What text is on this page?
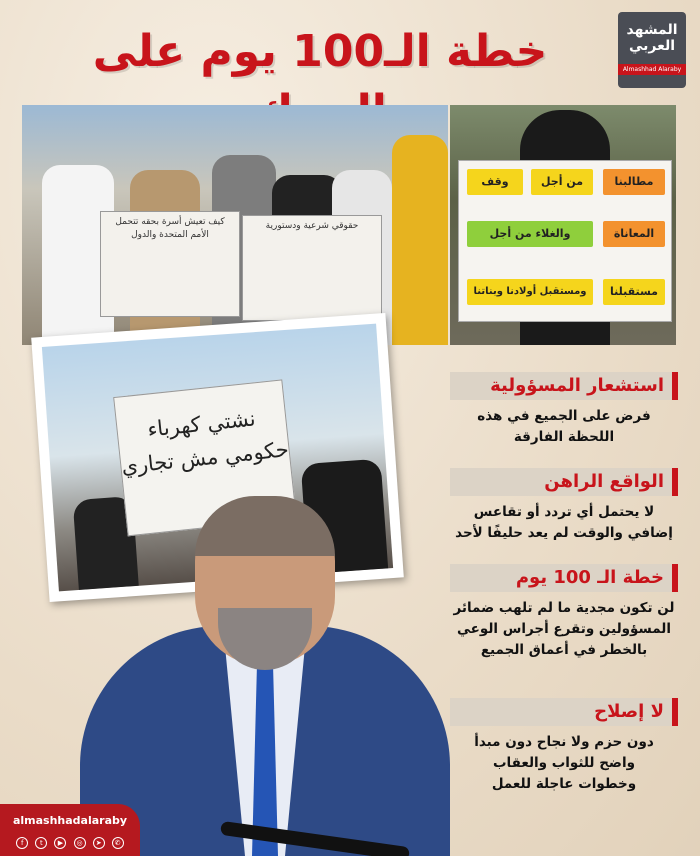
خطة الـ100 يوم على	المشهد
العربي
Almashhad Alaraby
كيف تعيش أسرة بحقه تتحمل الأمم المتحدة والدول
حقوقي شرعية ودستورية
مطالبنا
من أجل
وقف
المعاناة
والغلاء من أجل
مستقبلنا
ومستقبل أولادنا وبناتنا
نشتي كهرباء
حكومي مش تجاري
استشعار المسؤولية
فرض على الجميع في هذه اللحظة الفارقة
الواقع الراهن
لا يحتمل أي تردد أو تقاعس إضافي والوقت لم يعد حليفًا لأحد
خطة الـ 100 يوم
لن تكون مجدية ما لم تلهب ضمائر المسؤولين وتقرع أجراس الوعي بالخطر في أعماق الجميع
لا إصلاح
دون حزم ولا نجاح دون مبدأ واضح للثواب والعقاب وخطوات عاجلة للعمل
almashhadalaraby
f t ▶ ◎ ➤ ✆
